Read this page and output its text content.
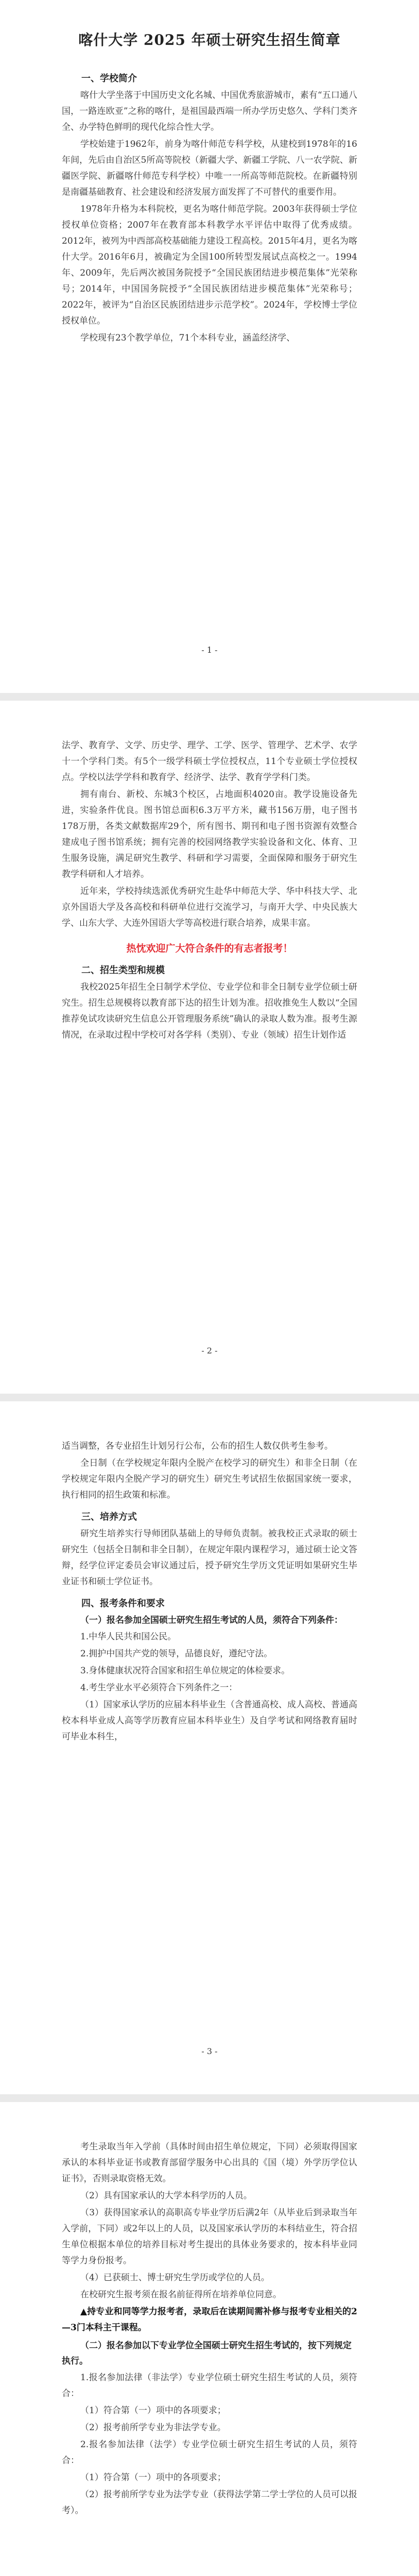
喀什大学 2025 年硕士研究生招生简章
一、学校简介

喀什大学坐落于中国历史文化名城、中国优秀旅游城市，素有“五口通八国，一路连欧亚”之称的喀什，是祖国最西端一所办学历史悠久、学科门类齐全、办学特色鲜明的现代化综合性大学。

学校始建于1962年，前身为喀什师范专科学校，从建校到1978年的16年间，先后由自治区5所高等院校（新疆大学、新疆工学院、八一农学院、新疆医学院、新疆喀什师范专科学校）中唯一一所高等师范院校。在新疆特别是南疆基础教育、社会建设和经济发展方面发挥了不可替代的重要作用。

1978年升格为本科院校，更名为喀什师范学院。2003年获得硕士学位授权单位资格；2007年在教育部本科教学水平评估中取得了优秀成绩。2012年，被列为中西部高校基础能力建设工程高校。2015年4月，更名为喀什大学。2016年6月，被确定为全国100所转型发展试点高校之一。1994年、2009年，先后两次被国务院授予“全国民族团结进步模范集体”光荣称号；2014年，中国国务院授予“全国民族团结进步模范集体”光荣称号；2022年，被评为“自治区民族团结进步示范学校”。2024年，学校博士学位授权单位。

学校现有23个教学单位，71个本科专业，涵盖经济学、

- 1 -

法学、教育学、文学、历史学、理学、工学、医学、管理学、艺术学、农学十一个学科门类。有5个一级学科硕士学位授权点，11个专业硕士学位授权点。学校以法学学科和教育学、经济学、法学、教育学学科门类。

拥有南台、新校、东城3个校区，占地面积4020亩。教学设施设备先进，实验条件优良。图书馆总面积6.3万平方米，藏书156万册，电子图书178万册，各类文献数据库29个，所有图书、期刊和电子图书资源有效整合建成电子图书馆系统；拥有完善的校园网络教学实验设备和文化、体育、卫生服务设施，满足研究生教学、科研和学习需要，全面保障和服务于研究生教学科研和人才培养。

近年来，学校持续选派优秀研究生赴华中师范大学、华中科技大学、北京外国语大学及各高校和科研单位进行交流学习，与南开大学、中央民族大学、山东大学、大连外国语大学等高校进行联合培养，成果丰富。

热忱欢迎广大符合条件的有志者报考！
二、招生类型和规模

我校2025年招生全日制学术学位、专业学位和非全日制专业学位硕士研究生。招生总规模将以教育部下达的招生计划为准。招收推免生人数以“全国推荐免试攻读研究生信息公开管理服务系统”确认的录取人数为准。报考生源情况，在录取过程中学校可对各学科（类别）、专业（领域）招生计划作适

- 2 -

适当调整，各专业招生计划另行公布，公布的招生人数仅供考生参考。

全日制（在学校规定年限内全脱产在校学习的研究生）和非全日制（在学校规定年限内全脱产学习的研究生）研究生考试招生依据国家统一要求，执行相同的招生政策和标准。

三、培养方式

研究生培养实行导师团队基础上的导师负责制。被我校正式录取的硕士研究生（包括全日制和非全日制），在规定年限内课程学习，通过硕士论文答辩，经学位评定委员会审议通过后，授予研究生学历文凭证明如果研究生毕业证书和硕士学位证书。

四、报考条件和要求

（一）报名参加全国硕士研究生招生考试的人员，须符合下列条件：

1.中华人民共和国公民。

2.拥护中国共产党的领导，品德良好，遵纪守法。

3.身体健康状况符合国家和招生单位规定的体检要求。

4.考生学业水平必须符合下列条件之一：

（1）国家承认学历的应届本科毕业生（含普通高校、成人高校、普通高校本科毕业成人高等学历教育应届本科毕业生）及自学考试和网络教育届时可毕业本科生，

- 3 -

考生录取当年入学前（具体时间由招生单位规定，下同）必须取得国家承认的本科毕业证书或教育部留学服务中心出具的《国（境）外学历学位认证书》，否则录取资格无效。

（2）具有国家承认的大学本科学历的人员。

（3）获得国家承认的高职高专毕业学历后满2年（从毕业后到录取当年入学前，下同）或2年以上的人员，以及国家承认学历的本科结业生，符合招生单位根据本单位的培养目标对考生提出的具体业务要求的，按本科毕业同等学力身份报考。

（4）已获硕士、博士研究生学历或学位的人员。

在校研究生报考须在报名前征得所在培养单位同意。

▲持专业和同等学力报考者，录取后在读期间需补修与报考专业相关的2—3门本科主干课程。

（二）报名参加以下专业学位全国硕士研究生招生考试的，按下列规定执行。

1.报名参加法律（非法学）专业学位硕士研究生招生考试的人员，须符合：

（1）符合第（一）项中的各项要求；

（2）报考前所学专业为非法学专业。

2.报名参加法律（法学）专业学位硕士研究生招生考试的人员，须符合：

（1）符合第（一）项中的各项要求；

（2）报考前所学专业为法学专业（获得法学第二学士学位的人员可以报考）。
